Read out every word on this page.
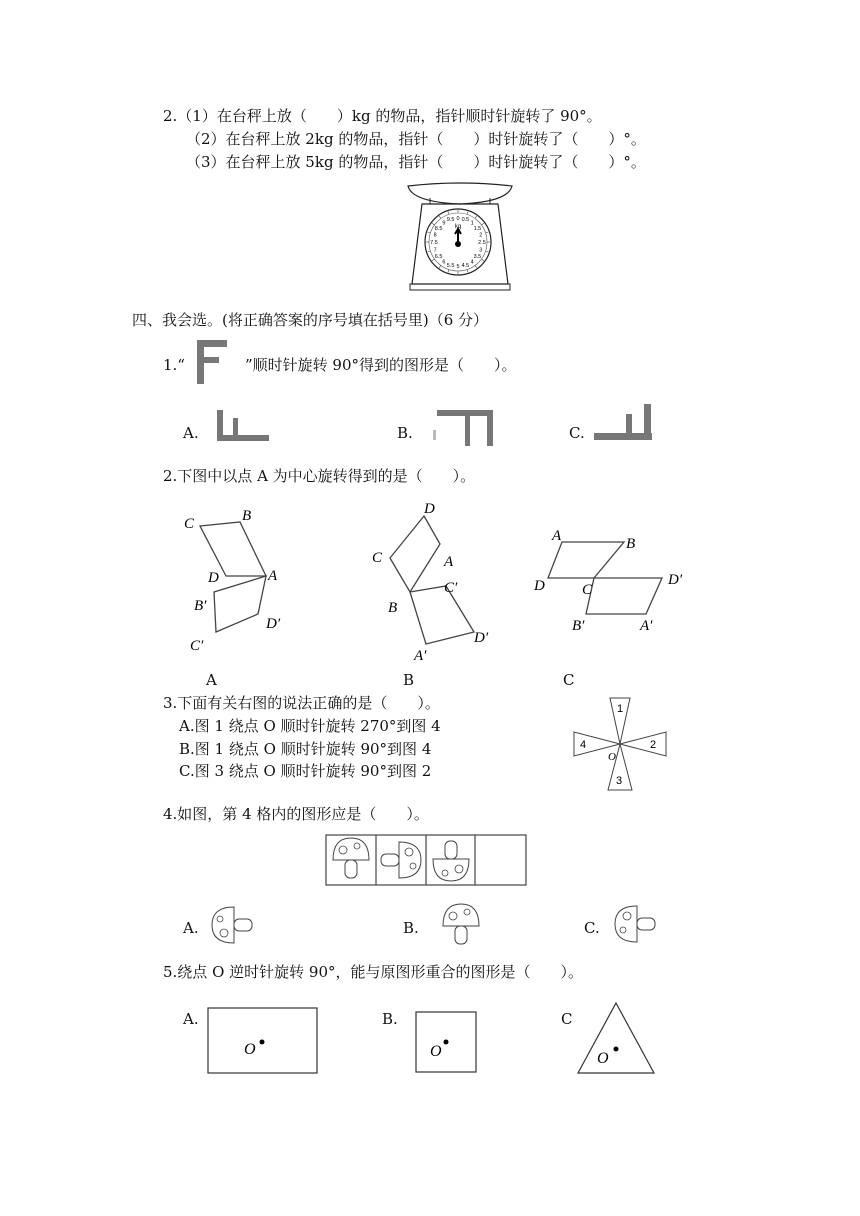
2.（1）在台秤上放（　　）kg 的物品，指针顺时针旋转了 90°。
（2）在台秤上放 2kg 的物品，指针（　　）时针旋转了（　　）°。
（3）在台秤上放 5kg 的物品，指针（　　）时针旋转了（　　）°。
0 0.5
1
1.5
2
2.5
3
3.5
4
4.5
5
5.5
6
6.5
7
7.5
8
8.5
9
9.5
kg
四、我会选。(将正确答案的序号填在括号里)（6 分）
1.“	”顺时针旋转 90°得到的图形是（　　）。
A.	B.	C.
2.下图中以点 A 为中心旋转得到的是（　　）。
C	B
D	A
B′
C′
D′
A
D
C	A
C′
B
D′
A′
B
A	B
D C
D′
B′	A′
C
3.下面有关右图的说法正确的是（　　）。
A.图 1 绕点 O 顺时针旋转 270°到图 4
B.图 1 绕点 O 顺时针旋转 90°到图 4
C.图 3 绕点 O 顺时针旋转 90°到图 2
1
2
3
4
O
4.如图，第 4 格内的图形应是（　　）。
A.	B.	C.
5.绕点 O 逆时针旋转 90°，能与原图形重合的图形是（　　）。
A.
O
B.
O
C
O
